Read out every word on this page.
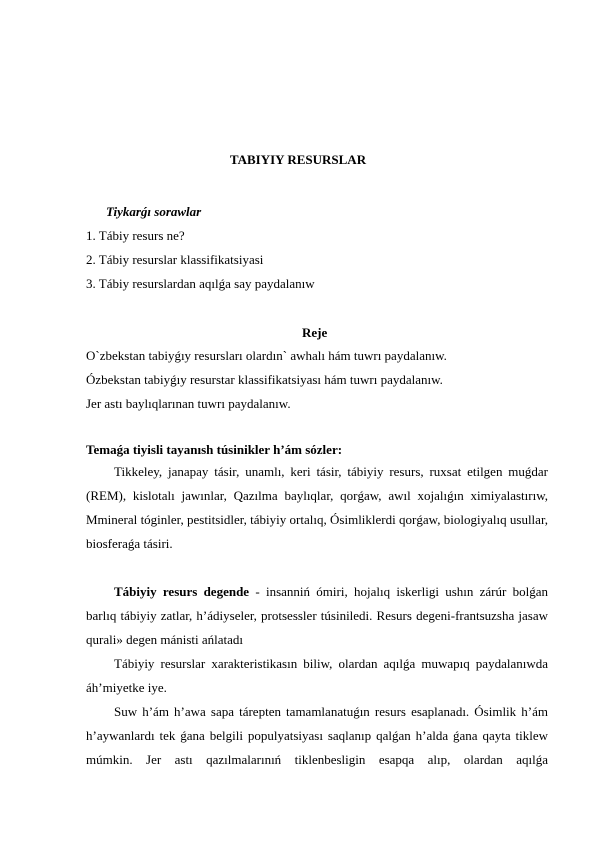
TABIYIY RESURSLAR
Tiykarǵı sorawlar
1. Tábiy resurs ne?
2. Tábiy resurslar klassifikatsiyasi
3. Tábiy resurslardan aqılǵa say paydalanıw
Reje
O`zbekstan tabiyǵıy resursları olardın` awhalı hám tuwrı paydalanıw.
Ózbekstan tabiyǵıy resurstar klassifikatsiyası hám tuwrı paydalanıw.
Jer astı baylıqlarınan tuwrı paydalanıw.
Temaǵa tiyisli tayanısh túsinikler h’ám sózler:

Tikkeley, janapay tásir, unamlı, keri tásir, tábiyiy resurs, ruxsat etilgen muǵdar (REM), kislotalı jawınlar, Qazılma baylıqlar, qorǵaw, awıl xojalıǵın ximiyalastırıw, Mmineral tóginler, pestitsidler, tábiyiy ortalıq, Ósimliklerdi qorǵaw, biologiyalıq usullar, biosferaǵa tásiri.

Tábiyiy resurs degende - insanniń ómiri, hojalıq iskerligi ushın zárúr bolǵan barlıq tábiyiy zatlar, h’ádiyseler, protsessler túsiniledi. Resurs degeni-frantsuzsha jasaw qurali» degen mánisti ańlatadı

Tábiyiy resurslar xarakteristikasın biliw, olardan aqılǵa muwapıq paydalanıwda áh’miyetke iye.

Suw h’ám h’awa sapa tárepten tamamlanatuǵın resurs esaplanadı. Ósimlik h’ám h’aywanlardı tek ǵana belgili populyatsiyası saqlanıp qalǵan h’alda ǵana qayta tiklew múmkin. Jer astı qazılmalarınıń tiklenbesligin esapqa alıp, olardan aqılǵa
